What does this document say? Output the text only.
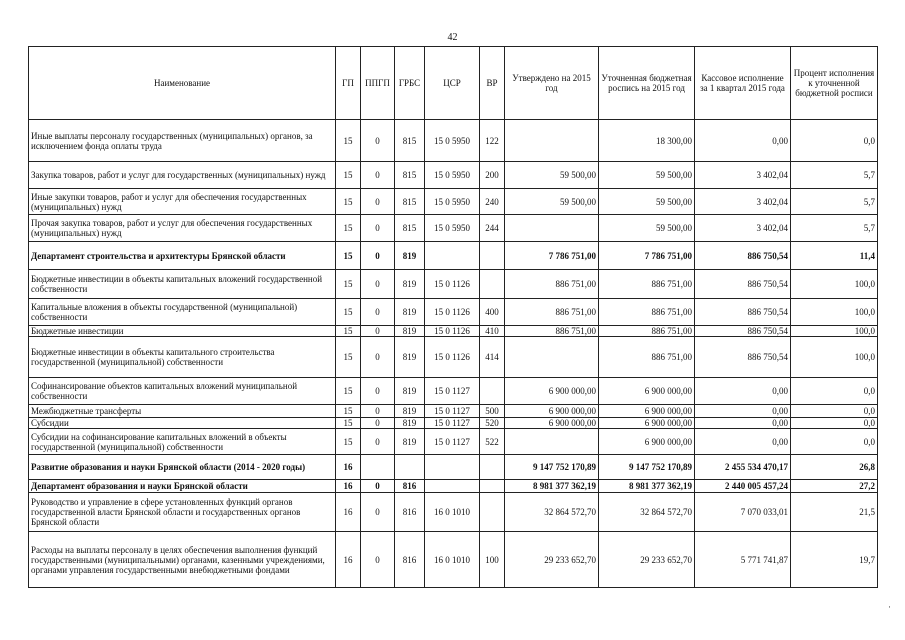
42
Наименование	ГП	ППГП	ГРБС	ЦСР	ВР	Утверждено на 2015 год	Уточненная бюджетная роспись на 2015 год	Кассовое исполнение за 1 квартал 2015 года	Процент исполнения к уточненной бюджетной росписи
Иные выплаты персоналу государственных (муниципальных) органов, за исключением фонда оплаты труда	15	0	815	15 0 5950	122		18 300,00	0,00	0,0
Закупка товаров, работ и услуг для государственных (муниципальных) нужд	15	0	815	15 0 5950	200	59 500,00	59 500,00	3 402,04	5,7
Иные закупки товаров, работ и услуг для обеспечения государственных (муниципальных) нужд	15	0	815	15 0 5950	240	59 500,00	59 500,00	3 402,04	5,7
Прочая закупка товаров, работ и услуг для обеспечения государственных (муниципальных) нужд	15	0	815	15 0 5950	244		59 500,00	3 402,04	5,7
Департамент строительства и архитектуры Брянской области	15	0	819			7 786 751,00	7 786 751,00	886 750,54	11,4
Бюджетные инвестиции в объекты капитальных вложений государственной собственности	15	0	819	15 0 1126		886 751,00	886 751,00	886 750,54	100,0
Капитальные вложения в объекты государственной (муниципальной) собственности	15	0	819	15 0 1126	400	886 751,00	886 751,00	886 750,54	100,0
Бюджетные инвестиции	15	0	819	15 0 1126	410	886 751,00	886 751,00	886 750,54	100,0
Бюджетные инвестиции в объекты капитального строительства государственной (муниципальной) собственности	15	0	819	15 0 1126	414		886 751,00	886 750,54	100,0
Софинансирование объектов капитальных вложений муниципальной собственности	15	0	819	15 0 1127		6 900 000,00	6 900 000,00	0,00	0,0
Межбюджетные трансферты	15	0	819	15 0 1127	500	6 900 000,00	6 900 000,00	0,00	0,0
Субсидии	15	0	819	15 0 1127	520	6 900 000,00	6 900 000,00	0,00	0,0
Субсидии на софинансирование капитальных вложений в объекты государственной (муниципальной) собственности	15	0	819	15 0 1127	522		6 900 000,00	0,00	0,0
Развитие образования и науки Брянской области (2014 - 2020 годы)	16					9 147 752 170,89	9 147 752 170,89	2 455 534 470,17	26,8
Департамент образования и науки Брянской области	16	0	816			8 981 377 362,19	8 981 377 362,19	2 440 005 457,24	27,2
Руководство и управление в сфере установленных функций органов государственной власти Брянской области и государственных органов Брянской области	16	0	816	16 0 1010		32 864 572,70	32 864 572,70	7 070 033,01	21,5
Расходы на выплаты персоналу в целях обеспечения выполнения функций государственными (муниципальными) органами, казенными учреждениями, органами управления государственными внебюджетными фондами	16	0	816	16 0 1010	100	29 233 652,70	29 233 652,70	5 771 741,87	19,7
·
